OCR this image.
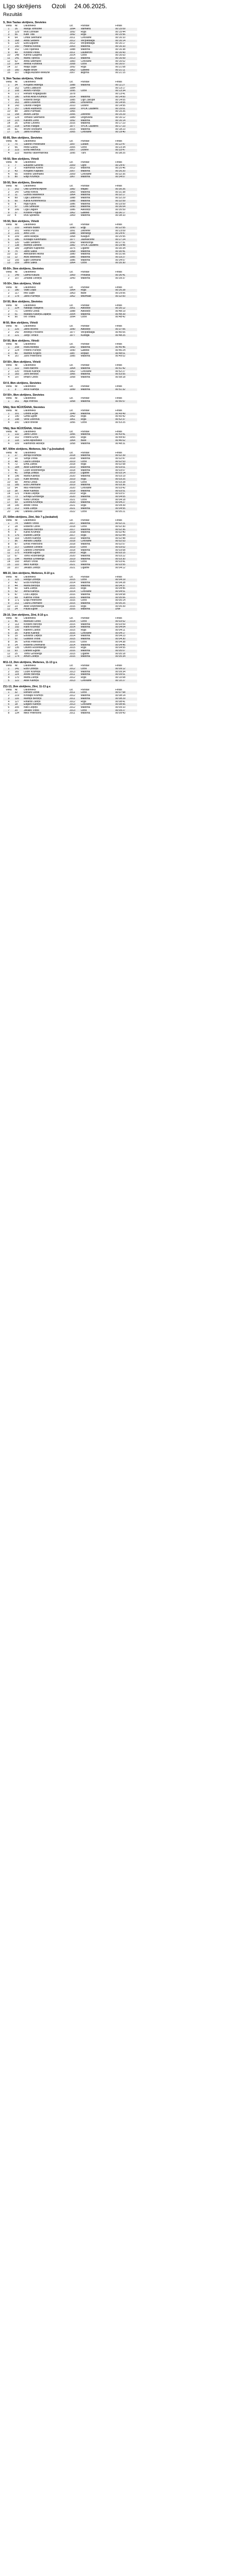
Līgo skrējiens Ozoli 24.06.2025.
Rezultāti
S, 3km Tautas skrējiens, Sievietes
Vieta	Nr.	Dalībnieks	Dz.	Pārstāv	Finišs
1	16	Marija Tomsone	1994	Valmiera	00:15:09
2	129	Ieva Dzirkale	1992	Rīga	00:15:44
3	56	Kate Tilta	1992	Rīga	00:15:56
4	64	Linda Šteimane	2011	Cesvaine	00:16:10
5	168	Anita Šeibere	2012	Vecpiebalga	00:16:14
6	120	Elza Eiguere	2012	Vecpiebalga	00:16:17
7	150	Hedina Kolosa	2003	Madona	00:16:33
8	152	Liva Vijanska	1988	Madona	00:16:38
9	49	Kristīne Peiša	2011	Lauderoni	00:16:43
10	148	Karīna Gaujēna	2014	Ozoli	00:16:53
11	141	Marta Tiļeviča	2013	Madona	00:16:59
12	62	Anita Šteimane	1983	Cesvaine	00:16:02
13	204	Melisa Furstova	2008	Ozoli	00:16:07
14	22	Maija Supe	1992	Rīga	00:21:08
15	160	Agate Brīze	1962	Gaiteiki	00:21:11
16	107	Daiga Auzāne-Mekune	2007	aligona	00:21:15
V, 3km Tautas skrējiens, Vīrieši
Vieta	Nr.	Dalībnieks	Dz.	Pārstāv	Finišs
1	34	Krišjānis Alberga	1988	Madona	00:11:27
2	162	Gints Ludburzs	1984		00:13:17
3	108	Aivars Purviņš	1995	Ozoli	00:13:34
4	172	Renārs Kriģalgauds	1978		00:13:41
5	180	Emīls Anšs Krūmiņš	2014	Madona	00:14:00
6	181	Roberts Bergs	1985	Līgo Zākupe	00:14:05
7	163	Jānis Duškovs	1966	Dzuvienra	00:14:05
8	143	Dāvids Paeglis	2010	Lezēre	00:14:55
9	157	Dāvis Rudovics	2009	VPDK Lauderis	00:15:01
10	88	Jānis Purmalis	1966		00:15:26
11	158	Aivars Zariņš	2006	Zebrene	00:15:29
12	124	Tomass Šteimanis	1989	Degovana	00:16:12
13	215	Kalvers Zeris	1992	Madona	00:16:14
14	26	Emīls Čevens	2016	Madona	00:17:23
15	218	Emīls Paeglis	1977	VPDK Lauderis	00:17:23
16	81	Bruno Rožkalns	2015	Madona	00:18:23
17	126	Jānis Krūmiņš	2005	Cesvaine	00:19:40
65-95, 5km skrējiens, Sievietes
Vieta	Nr.	Dalībnieks	Dz.	Pārstāv	Finišs
1	70	Sabīne Priedīnāne	1997	Lubāni	00:22:47
2	66	Ineta Guliņa	2005	Ozoli	00:23:34
3	223	Elīna Mikoviča	2007	Lezēre	00:33:47
4	223	Marina Vasermanoka	1995	Tūrs	00:38:25
V0-50, 5km skrējiens, Vīrieši
Vieta	Nr.	Dalībnieks	Dz.	Pārstāv	Finišs
1	7	Eduards Gerents	2009	Ogre	00:24:47
2	2	Raimonds Kleins	2012	Madona	00:25:46
3	43	Krišjānis Kaplaks	2007	Madona	00:26:20
4	65	Rolens Šteimanis	2009	Cesvaine	00:32:35
5	80	Edijs Krūmiņš	1967	Madona	00:34:07
S0-50, 5km skrējiens, Sievietes
Vieta	Nr.	Dalībnieks	Dz.	Pārstāv	Finišs
1	202	Olta Gromna-Apsīte	1982	Māļaki	00:30:26
2	147	Ginta Krieva	1965	Madona	00:31:38
3	11	Guntra Mālonieče	1964	Madona	00:32:17
4	89	Liga Ludbenža	1988	Madona	00:32:29
5	60	Kaiva Kontrimoviča	1988	Madona	00:32:59
6	8	Inga Kļava	1986	Madona	00:33:59
7	57	Liva Šimkuse	1990	Madona	00:36:04
8	206	Līga Dagare	1986	Aliksdīņi	00:35:59
9	37	Kristīne Pogule	1962	Gaiteiki	00:36:17
10	4	Ieva Spelkina	1969	Madona	00:38:33
V0-50, 5km skrējiens, Vīrieši
Vieta	Nr.	Dalībnieks	Dz.	Pārstāv	Finišs
1	210	Renārs Bašits	1990	Ērgļi	00:22:55
2	201	Renis Pūcītis	1991	Zebrene	00:23:09
3	216	Artis Līčis	1988	Mētrangi	00:24:47
4	209	Jānis Azarpa	1968	Kauguri	00:25:55
5	186	Kristaps Kleinmanis	1977	Jaunlaicene	00:27:24
6	120	Gatis Šeidiers	1992	Mandīzirija	00:27:31
7	138	Mārtiņš Daniels	1982	VPDK Lauderis	00:29:48
8	189	Zigmārs Kapteinis	1975	Līgatne	00:30:34
9	75	Jānis Šalka	1968	Madona	00:30:41
10	32	Aleksandrs Alsnis	1980	Madona	00:31:06
11	12	Alvis Mitenieks	1985	Madona	00:33:27
12	155	Egils Oldmanis	1986	Madona	00:34:57
13	159	Jānis Šalka	1964	Ozoli	00:35:30
65-50+, 5km skrējiens, Sievietes
Vieta	Nr.	Dalībnieks	Dz.	Pārstāv	Finišs
1	149	Laima Klauža	1969	Pokaiņa	00:36:41
2	107	Zinaida Ozoliņa	1943	Madona	00:39:37
V0-50+, 5km skrējiens, Vīrieši
Vieta	Nr.	Dalībnieks	Dz.	Pārstāv	Finišs
1	180	Valts Lejas	1964	Rīga	00:26:28
2	117	Ints Supe	1963	Balvi	00:29:06
3	178	Jānis Purmiņš	1962	Mežmale	00:32:00
SV-50, 8km skrējiens, Sievietes
Vieta	Nr.	Dalībnieks	Dz.	Pārstāv	Finišs
1	224	Natālija Vasiļjeva	2001	Aliksdīņi	00:35:12
2	71	Dzintra Ozola	1988	Aliksdīņi	00:48:19
3	51	Madara Klāviņa-Zaļaiņa	2004	Madona	00:48:39
4	90	Ivo Tiriška	1994	Ozoli	00:48:42
M-50, 8km skrējiens, Vīrieši
Vieta	Nr.	Dalībnieks	Dz.	Pārstāv	Finišs
1	225	Jānis Bicēns	1990	Aliksdīņi	00:37:06
2	142	Andrejs Počkens	1977	Vecpiebalga	00:40:05
3	221	Jurijs Tēracs	1977	Kuldīga	00:48:25
SV-50, 8km skrējiens, Vīrieši
Vieta	Nr.	Dalībnieks	Dz.	Pārstāv	Finišs
1	208	Ināra Avotiņa	1992	Madona	00:45:46
2	224	Pēteris Purviņš	1990	Gaiteiki	00:46:24
3	40	Mārtiņš Krīgers	1987	Ropaži	00:48:01
4	167	Juris Pētersons	1985	Madona	00:49:02
SV-50+, 8km skrējiens, Vīrieši
Vieta	Nr.	Dalībnieks	Dz.	Pārstāv	Finišs
1	222	Ivars Barons	1964	Madona	00:51:42
2	220	Indulis Kalniņš	1962	Cesvaine	00:52:27
3	183	Juris Bērziņš	1966	Madona	00:53:55
4	197	Ilmārs Ozols	1958	Madona	00:58:18
SV-0, 8km skrējiens, Sievietes
Vieta	Nr.	Dalībnieks	Dz.	Pārstāv	Finišs
1	3	Ance Kalniņa	1999	Madona	00:51:32
SV-50+, 8km skrējiens, Sievietes
Vieta	Nr.	Dalībnieks	Dz.	Pārstāv	Finišs
1	161	Aija Petrova	1958	Madona	00:56:57
SNūj, 5km NŪJOŠANA, Sievietes
Vieta	Nr.	Dalībnieks	Dz.	Pārstāv	Finišs
1	101	Dzidra Ērgle	1949	Madona	00:49:49
2	190	Ginta Eglīte	1962	Rīga	00:50:42
3	198	Vera Ozerova	1961	Rīga	00:52:37
4	200	Dace Briede	1956	Ozoli	00:53:25
VNūj, 5km NŪJOŠANA, Vīrieši
Vieta	Nr.	Dalībnieks	Dz.	Pārstāv	Finišs
1	132	Jānis Ozols	1956	Madona	00:43:41
2	102	Pēteris Eriņš	1955	Rīga	00:44:50
3	118	Ēriks Apsenieks	1964	Balvi	00:46:02
4	109	Raimonds Āboliņš	1958	Madona	00:48:31
M7, 500m skrējiens, Meitenes, līdz 7 g.(ieskaitot)
Vieta	Nr.	Dalībnieks	Dz.	Pārstāv	Finišs
1	27	Annija Krūmiņa	2018	Madona	00:02:39
2	10	Sofija Vītola	2018	Madona	00:02:47
3	48	Laura Ozoliņa	2019	Ozoli	00:02:53
4	72	Ema Zariņa	2018	Rīga	00:02:58
5	184	Alise Ēdelmane	2019	Madona	00:03:01
6	66	Luīze Rozenberga	2018	Madona	00:03:07
7	41	Sofija Zeltiņa	2019	Līgatne	00:03:14
8	196	Marta Kalniņa	2020	Madona	00:03:19
9	116	Kate Bērziņa	2019	Rīga	00:03:25
10	58	Anna Ozola	2018	Ozoli	00:03:28
11	185	Elza Dreimane	2019	Madona	00:03:36
12	94	Mia Pētersone	2020	Cesvaine	00:03:42
13	38	Alise Kalniņa	2018	Madona	00:03:51
14	121	Paula Liepiņa	2019	Rīga	00:03:57
15	73	Emīlija Grīnberga	2020	Madona	00:04:05
16	106	Keita Ozoliņa	2021	Ozoli	00:04:18
17	59	Evelīna Krūmiņa	2020	Madona	00:04:27
18	195	Anete Vītola	2021	Rīga	00:04:39
19	212	Rūta Zariņa	2021	Madona	00:04:55
20	140	Daniela Ziemele	2022	Ozoli	00:05:21
Z7, 500m skrējiens, Zēni, līdz 7 g.(ieskaitot)
Vieta	Nr.	Dalībnieks	Dz.	Pārstāv	Finišs
1	74	Valters Vītols	2017	Madona	00:02:21
2	28	Roberts Ozols	2018	Ozoli	00:02:30
3	30	Markuss Bērziņš	2017	Madona	00:02:36
4	9	Kārlis Krūmiņš	2018	Madona	00:02:40
5	176	Rūdolfs Zariņš	2017	Rīga	00:02:44
6	103	Olivers Kalniņš	2019	Madona	00:02:48
7	96	Adrians Liepiņš	2018	Cesvaine	00:02:53
8	87	Emīls Pētersons	2018	Madona	00:02:57
9	217	Gustavs Ozoliņš	2019	Ozoli	00:03:02
10	213	Daniels Dreimanis	2018	Madona	00:03:08
11	175	Ričards Eglītis	2019	Rīga	00:03:15
12	67	Toms Rozenbergs	2020	Madona	00:03:22
13	194	Mārtiņš Grīnbergs	2019	Madona	00:03:30
14	193	Artūrs Vītols	2020	Ozoli	00:03:41
15	110	Miks Kalniņš	2021	Madona	00:03:55
16	207	Jēkabs Zeltiņš	2021	Līgatne	00:04:12
M8-10, 1km skrējiens, Meitenes, 8-10 g.v.
Vieta	Nr.	Dalībnieks	Dz.	Pārstāv	Finišs
1	115	Rēzija Ozoliņa	2015	Ozoli	00:04:19
2	42	Elīza Krūmiņa	2014	Madona	00:04:28
3	44	Marta Bērziņa	2016	Madona	00:04:37
4	50	Sāra Zariņa	2015	Rīga	00:04:45
5	52	Anna Kalniņa	2014	Cesvaine	00:04:51
6	47	Līva Liepiņa	2016	Madona	00:04:58
7	69	Katrīna Vītola	2015	Madona	00:05:06
8	171	Evija Pētersone	2016	Ozoli	00:05:14
9	211	Laura Dreimane	2015	Madona	00:05:25
10	23	Alise Rozenberga	2016	Rīga	00:05:39
11	24	Paula Eglīte	2016	Madona	DNF
Z8-10, 1km skrējiens, Zēni, 8-10 g.v.
Vieta	Nr.	Dalībnieks	Dz.	Pārstāv	Finišs
1	46	Markuss Ozols	2014	Ozoli	00:03:52
2	113	Kristers Bērziņš	2015	Madona	00:03:59
3	192	Ralfs Krūmiņš	2014	Madona	00:04:04
4	130	Rainers Zariņš	2015	Rīga	00:04:11
5	35	Kārlis Kalniņš	2016	Cesvaine	00:04:17
6	19	Edvards Liepiņš	2014	Madona	00:04:23
7	92	Gustavs Vītols	2015	Madona	00:04:30
8	36	Emīls Pētersons	2016	Ozoli	00:04:38
9	14	Roberts Dreimanis	2014	Madona	00:04:46
10	135	Olivers Rozenbergs	2015	Rīga	00:04:55
11	93	Daniels Eglītis	2016	Madona	00:05:07
12	25	Toms Grīnbergs	2015	Līgatne	00:05:18
13	174	Artūrs Zeltiņš	2016	Madona	00:05:34
M11-13, 2km skrējiens, Meitenes, 11-13 g.v.
Vieta	Nr.	Dalībnieks	Dz.	Pārstāv	Finišs
1	141	Elza Ozoliņa	2012	Ozoli	00:09:12
2	182	Luīze Krūmiņa	2013	Madona	00:09:34
3	114	Anete Bērziņa	2011	Madona	00:09:51
4	170	Marta Zariņa	2012	Rīga	00:10:08
5	122	Alise Kalniņa	2013	Cesvaine	00:10:27
Z11-13, 2km skrējiens, Zēni, 11-13 g.v.
Vieta	Nr.	Dalībnieks	Dz.	Pārstāv	Finišs
1	32	Renārs Ozols	2011	Ozoli	00:07:58
2	219	Kristaps Krūmiņš	2012	Madona	00:08:14
3	116	Mārtiņš Bērziņš	2011	Madona	00:08:29
4	127	Rihards Zariņš	2012	Rīga	00:08:41
5	18	Edgars Kalniņš	2013	Cesvaine	00:08:56
6	205	Niks Liepiņš	2012	Madona	00:09:10
7	20	Jēkabs Vītols	2013	Ozoli	00:09:27
8	134	Miks Pētersons	2011	Madona	00:09:43
